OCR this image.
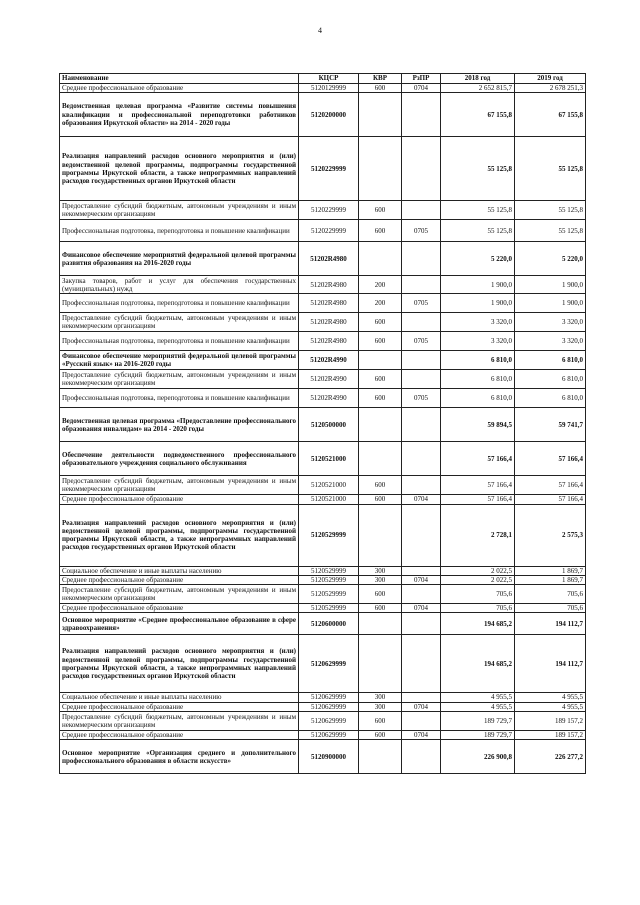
4
Наименование	КЦСР	КВР	РзПР	2018 год	2019 год
Среднее профессиональное образование	5120129999	600	0704	2 652 815,7	2 678 251,3
Ведомственная целевая программа «Развитие системы повышения квалификации и профессиональной переподготовки работников образования Иркутской области» на 2014 - 2020 годы	5120200000			67 155,8	67 155,8
Реализация направлений расходов основного мероприятия и (или) ведомственной целевой программы, подпрограммы государственной программы Иркутской области, а также непрограммных направлений расходов государственных органов Иркутской области	5120229999			55 125,8	55 125,8
Предоставление субсидий бюджетным, автономным учреждениям и иным некоммерческим организациям	5120229999	600		55 125,8	55 125,8
Профессиональная подготовка, переподготовка и повышение квалификации	5120229999	600	0705	55 125,8	55 125,8
Финансовое обеспечение мероприятий федеральной целевой программы развития образования на 2016-2020 годы	51202R4980			5 220,0	5 220,0
Закупка товаров, работ и услуг для обеспечения государственных (муниципальных) нужд	51202R4980	200		1 900,0	1 900,0
Профессиональная подготовка, переподготовка и повышение квалификации	51202R4980	200	0705	1 900,0	1 900,0
Предоставление субсидий бюджетным, автономным учреждениям и иным некоммерческим организациям	51202R4980	600		3 320,0	3 320,0
Профессиональная подготовка, переподготовка и повышение квалификации	51202R4980	600	0705	3 320,0	3 320,0
Финансовое обеспечение мероприятий федеральной целевой программы «Русский язык» на 2016-2020 годы	51202R4990			6 810,0	6 810,0
Предоставление субсидий бюджетным, автономным учреждениям и иным некоммерческим организациям	51202R4990	600		6 810,0	6 810,0
Профессиональная подготовка, переподготовка и повышение квалификации	51202R4990	600	0705	6 810,0	6 810,0
Ведомственная целевая программа «Предоставление профессионального образования инвалидам» на 2014 - 2020 годы	5120500000			59 894,5	59 741,7
Обеспечение деятельности подведомственного профессионального образовательного учреждения социального обслуживания	5120521000			57 166,4	57 166,4
Предоставление субсидий бюджетным, автономным учреждениям и иным некоммерческим организациям	5120521000	600		57 166,4	57 166,4
Среднее профессиональное образование	5120521000	600	0704	57 166,4	57 166,4
Реализация направлений расходов основного мероприятия и (или) ведомственной целевой программы, подпрограммы государственной программы Иркутской области, а также непрограммных направлений расходов государственных органов Иркутской области	5120529999			2 728,1	2 575,3
Социальное обеспечение и иные выплаты населению	5120529999	300		2 022,5	1 869,7
Среднее профессиональное образование	5120529999	300	0704	2 022,5	1 869,7
Предоставление субсидий бюджетным, автономным учреждениям и иным некоммерческим организациям	5120529999	600		705,6	705,6
Среднее профессиональное образование	5120529999	600	0704	705,6	705,6
Основное мероприятие «Среднее профессиональное образование в сфере здравоохранения»	5120600000			194 685,2	194 112,7
Реализация направлений расходов основного мероприятия и (или) ведомственной целевой программы, подпрограммы государственной программы Иркутской области, а также непрограммных направлений расходов государственных органов Иркутской области	5120629999			194 685,2	194 112,7
Социальное обеспечение и иные выплаты населению	5120629999	300		4 955,5	4 955,5
Среднее профессиональное образование	5120629999	300	0704	4 955,5	4 955,5
Предоставление субсидий бюджетным, автономным учреждениям и иным некоммерческим организациям	5120629999	600		189 729,7	189 157,2
Среднее профессиональное образование	5120629999	600	0704	189 729,7	189 157,2
Основное мероприятие «Организация среднего и дополнительного профессионального образования в области искусств»	5120900000			226 900,8	226 277,2
